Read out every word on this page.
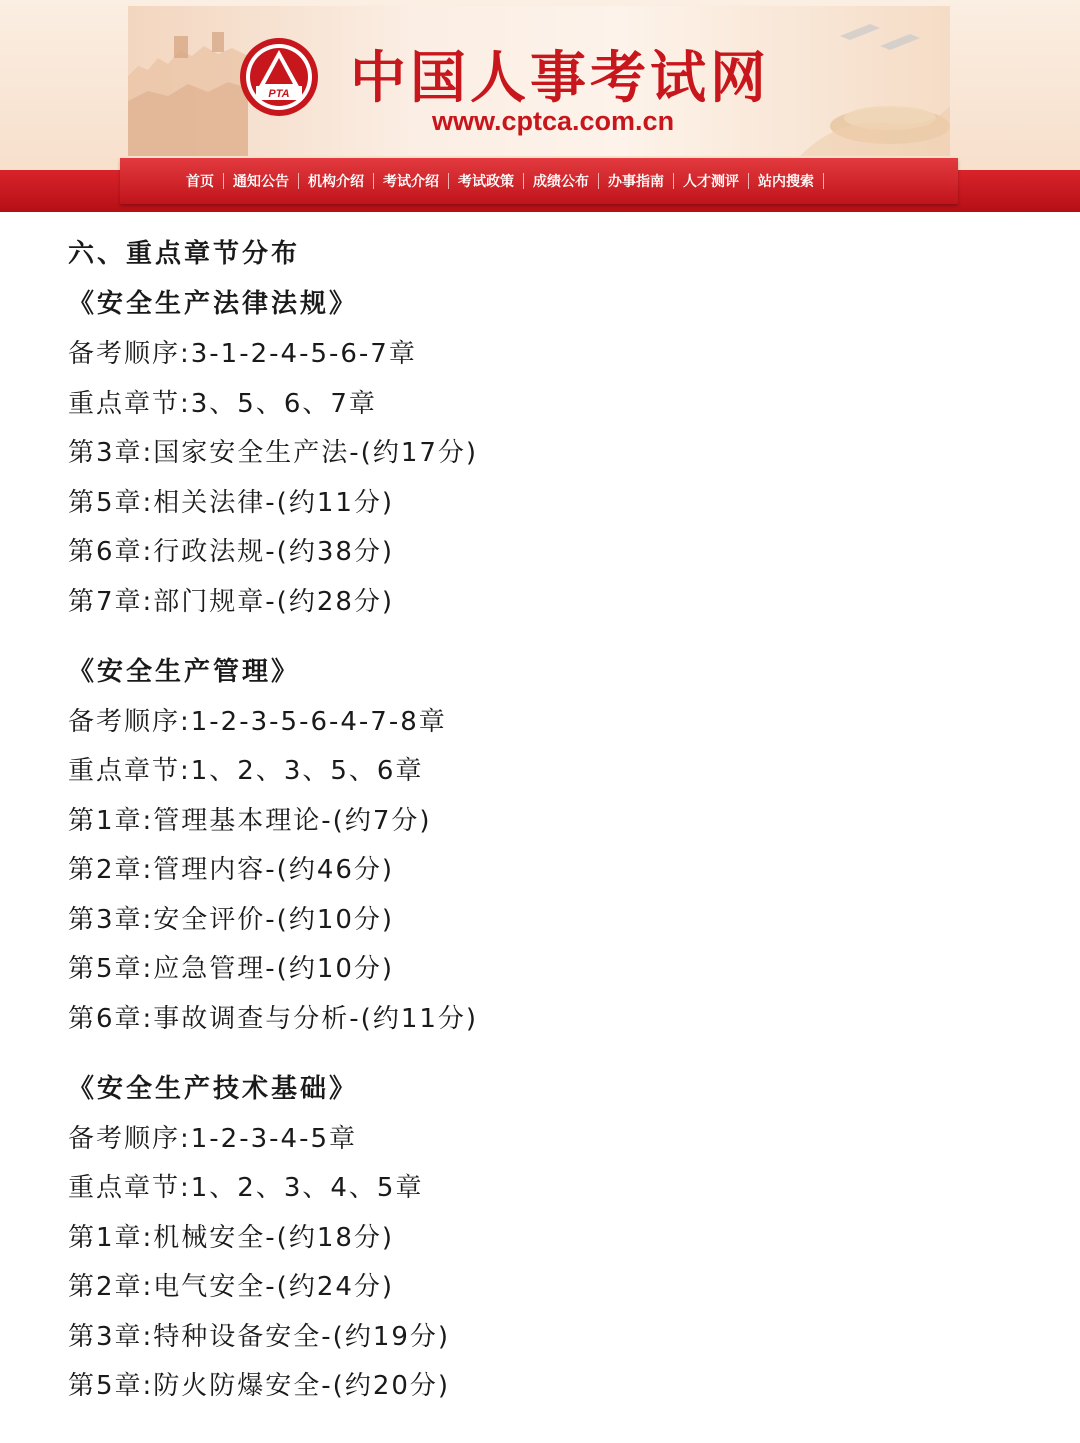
PTA 中国人事考试网
www.cptca.com.cn
首页 通知公告 机构介绍 考试介绍 考试政策 成绩公布 办事指南 人才测评 站内搜索
六、重点章节分布
《安全生产法律法规》
备考顺序:3-1-2-4-5-6-7章
重点章节:3、5、6、7章
第3章:国家安全生产法-(约17分)
第5章:相关法律-(约11分)
第6章:行政法规-(约38分)
第7章:部门规章-(约28分)
《安全生产管理》
备考顺序:1-2-3-5-6-4-7-8章
重点章节:1、2、3、5、6章
第1章:管理基本理论-(约7分)
第2章:管理内容-(约46分)
第3章:安全评价-(约10分)
第5章:应急管理-(约10分)
第6章:事故调查与分析-(约11分)
《安全生产技术基础》
备考顺序:1-2-3-4-5章
重点章节:1、2、3、4、5章
第1章:机械安全-(约18分)
第2章:电气安全-(约24分)
第3章:特种设备安全-(约19分)
第5章:防火防爆安全-(约20分)
